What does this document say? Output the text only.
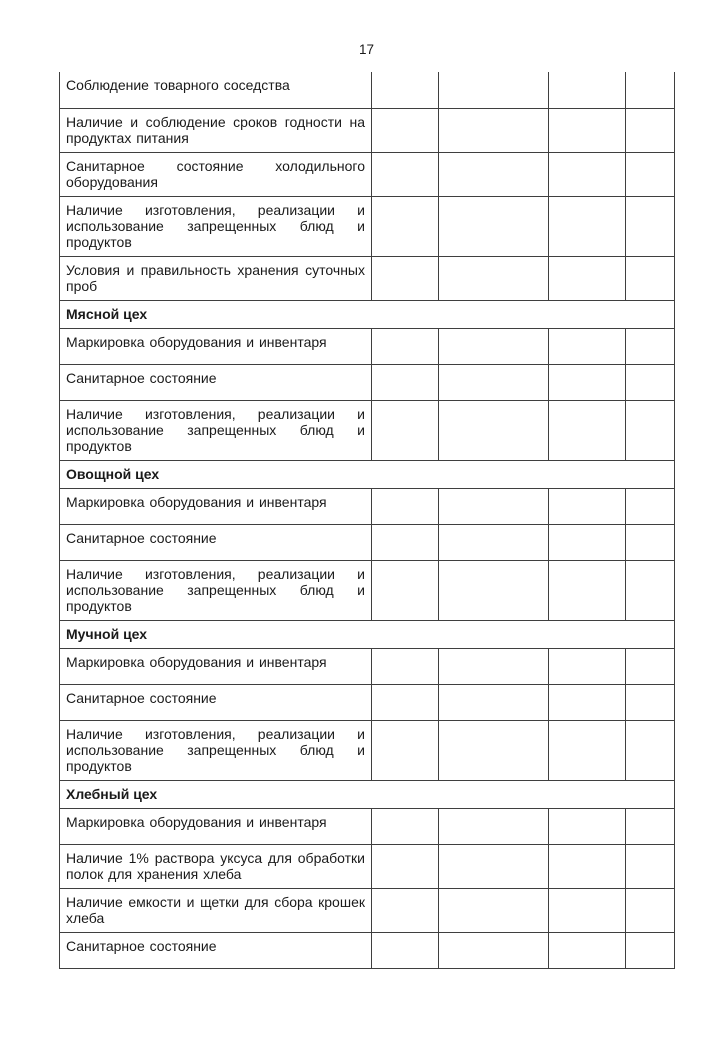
17
Соблюдение товарного соседства				
Наличие и соблюдение сроков годности на продуктах питания				
Санитарное состояние холодильного оборудования				
Наличие изготовления, реализации и использование запрещенных блюд и продуктов				
Условия и правильность хранения суточных проб				
Мясной цех				
Маркировка оборудования и инвентаря				
Санитарное состояние				
Наличие изготовления, реализации и использование запрещенных блюд и продуктов				
Овощной цех				
Маркировка оборудования и инвентаря				
Санитарное состояние				
Наличие изготовления, реализации и использование запрещенных блюд и продуктов				
Мучной цех				
Маркировка оборудования и инвентаря				
Санитарное состояние				
Наличие изготовления, реализации и использование запрещенных блюд и продуктов				
Хлебный цех				
Маркировка оборудования и инвентаря				
Наличие 1% раствора уксуса для обработки полок для хранения хлеба				
Наличие емкости и щетки для сбора крошек хлеба				
Санитарное состояние				
